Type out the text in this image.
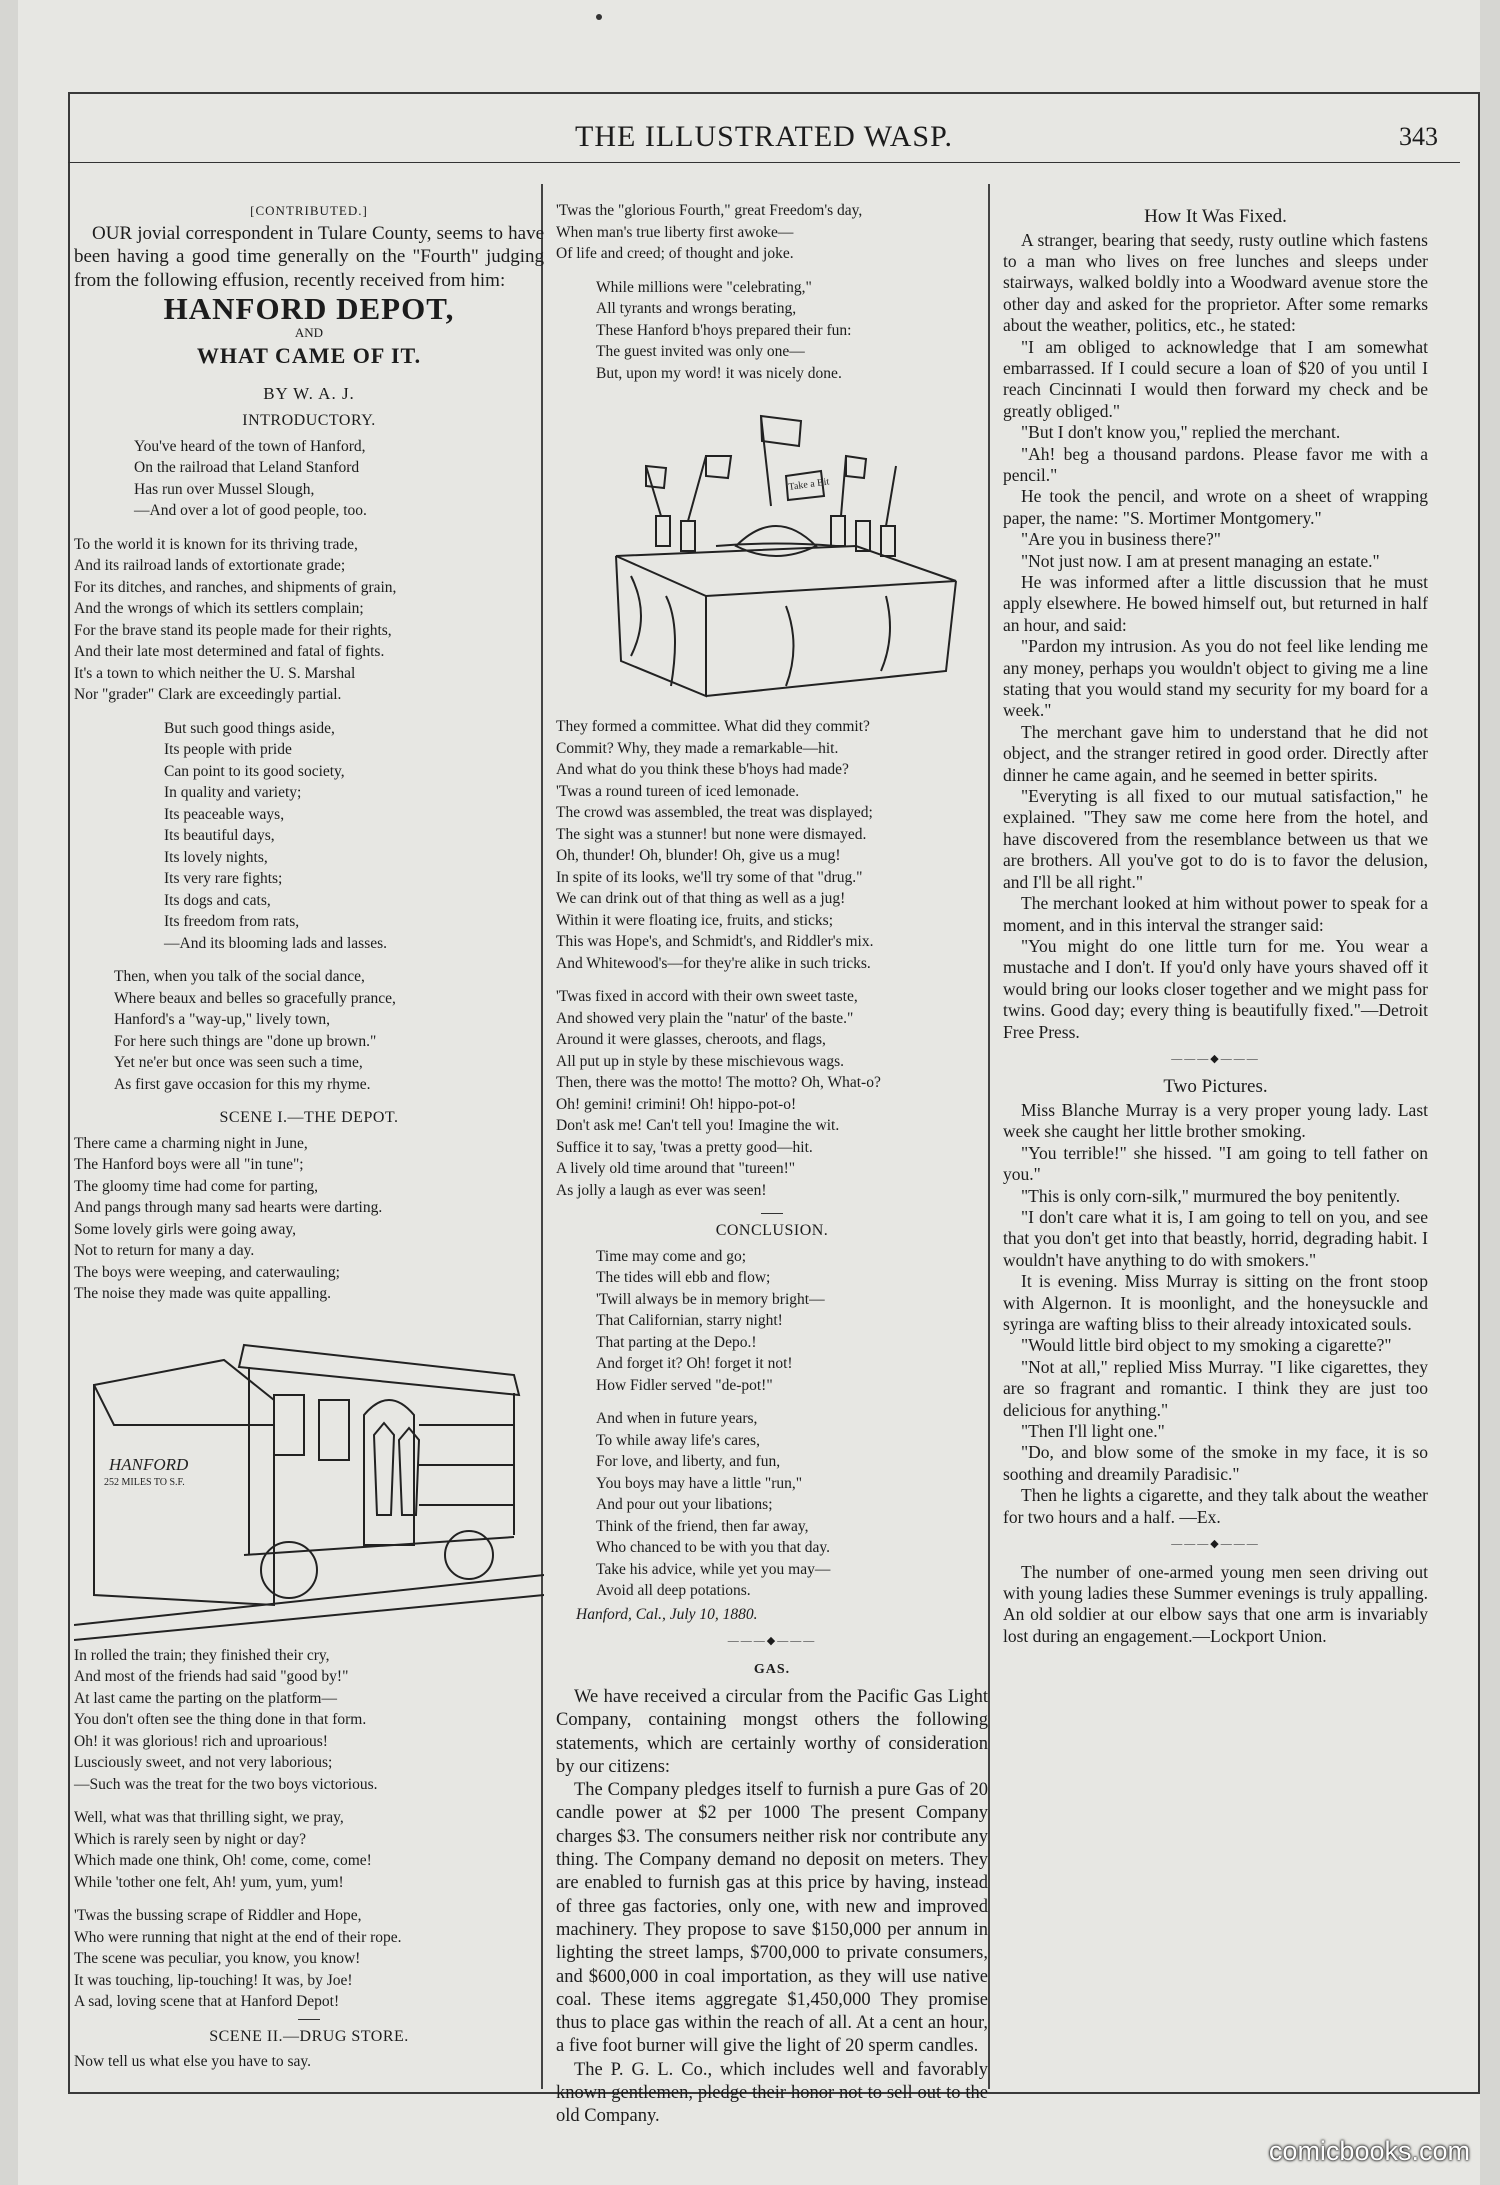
THE ILLUSTRATED WASP.	343
[CONTRIBUTED.]

OUR jovial correspondent in Tulare County, seems to have been having a good time generally on the "Fourth" judging from the following effusion, recently received from him:

HANFORD DEPOT,
AND
WHAT CAME OF IT.
BY W. A. J.
INTRODUCTORY.
You've heard of the town of Hanford,
On the railroad that Leland Stanford
Has run over Mussel Slough,
—And over a lot of good people, too.
To the world it is known for its thriving trade,
And its railroad lands of extortionate grade;
For its ditches, and ranches, and shipments of grain,
And the wrongs of which its settlers complain;
For the brave stand its people made for their rights,
And their late most determined and fatal of fights.
It's a town to which neither the U. S. Marshal
Nor "grader" Clark are exceedingly partial.
But such good things aside,
Its people with pride
Can point to its good society,
In quality and variety;
Its peaceable ways,
Its beautiful days,
Its lovely nights,
Its very rare fights;
Its dogs and cats,
Its freedom from rats,
—And its blooming lads and lasses.
Then, when you talk of the social dance,
Where beaux and belles so gracefully prance,
Hanford's a "way-up," lively town,
For here such things are "done up brown."
Yet ne'er but once was seen such a time,
As first gave occasion for this my rhyme.
SCENE I.—THE DEPOT.
There came a charming night in June,
The Hanford boys were all "in tune";
The gloomy time had come for parting,
And pangs through many sad hearts were darting.
Some lovely girls were going away,
Not to return for many a day.
The boys were weeping, and caterwauling;
The noise they made was quite appalling.
HANFORD
252 MILES TO S.F.
In rolled the train; they finished their cry,
And most of the friends had said "good by!"
At last came the parting on the platform—
You don't often see the thing done in that form.
Oh! it was glorious! rich and uproarious!
Lusciously sweet, and not very laborious;
—Such was the treat for the two boys victorious.
Well, what was that thrilling sight, we pray,
Which is rarely seen by night or day?
Which made one think, Oh! come, come, come!
While 'tother one felt, Ah! yum, yum, yum!
'Twas the bussing scrape of Riddler and Hope,
Who were running that night at the end of their rope.
The scene was peculiar, you know, you know!
It was touching, lip-touching! It was, by Joe!
A sad, loving scene that at Hanford Depot!
SCENE II.—DRUG STORE.
Now tell us what else you have to say.
'Twas the "glorious Fourth," great Freedom's day,
When man's true liberty first awoke—
Of life and creed; of thought and joke.
While millions were "celebrating,"
All tyrants and wrongs berating,
These Hanford b'hoys prepared their fun:
The guest invited was only one—
But, upon my word! it was nicely done.
Take a Bit
They formed a committee. What did they commit?
Commit? Why, they made a remarkable—hit.
And what do you think these b'hoys had made?
'Twas a round tureen of iced lemonade.
The crowd was assembled, the treat was displayed;
The sight was a stunner! but none were dismayed.
Oh, thunder! Oh, blunder! Oh, give us a mug!
In spite of its looks, we'll try some of that "drug."
We can drink out of that thing as well as a jug!
Within it were floating ice, fruits, and sticks;
This was Hope's, and Schmidt's, and Riddler's mix.
And Whitewood's—for they're alike in such tricks.
'Twas fixed in accord with their own sweet taste,
And showed very plain the "natur' of the baste."
Around it were glasses, cheroots, and flags,
All put up in style by these mischievous wags.
Then, there was the motto! The motto? Oh, What-o?
Oh! gemini! crimini! Oh! hippo-pot-o!
Don't ask me! Can't tell you! Imagine the wit.
Suffice it to say, 'twas a pretty good—hit.
A lively old time around that "tureen!"
As jolly a laugh as ever was seen!
CONCLUSION.
Time may come and go;
The tides will ebb and flow;
'Twill always be in memory bright—
That Californian, starry night!
That parting at the Depo.!
And forget it? Oh! forget it not!
How Fidler served "de-pot!"
And when in future years,
To while away life's cares,
For love, and liberty, and fun,
You boys may have a little "run,"
And pour out your libations;
Think of the friend, then far away,
Who chanced to be with you that day.
Take his advice, while yet you may—
Avoid all deep potations.
Hanford, Cal., July 10, 1880.
———◆———
GAS.

We have received a circular from the Pacific Gas Light Company, containing mongst others the following statements, which are certainly worthy of consideration by our citizens:

The Company pledges itself to furnish a pure Gas of 20 candle power at $2 per 1000 The present Company charges $3. The consumers neither risk nor contribute any thing. The Company demand no deposit on meters. They are enabled to furnish gas at this price by having, instead of three gas factories, only one, with new and improved machinery. They propose to save $150,000 per annum in lighting the street lamps, $700,000 to private consumers, and $600,000 in coal importation, as they will use native coal. These items aggregate $1,450,000 They promise thus to place gas within the reach of all. At a cent an hour, a five foot burner will give the light of 20 sperm candles.

The P. G. L. Co., which includes well and favorably known gentlemen, pledge their honor not to sell out to the old Company.

How It Was Fixed.

A stranger, bearing that seedy, rusty outline which fastens to a man who lives on free lunches and sleeps under stairways, walked boldly into a Woodward avenue store the other day and asked for the proprietor. After some remarks about the weather, politics, etc., he stated:

"I am obliged to acknowledge that I am somewhat embarrassed. If I could secure a loan of $20 of you until I reach Cincinnati I would then forward my check and be greatly obliged."

"But I don't know you," replied the merchant.

"Ah! beg a thousand pardons. Please favor me with a pencil."

He took the pencil, and wrote on a sheet of wrapping paper, the name: "S. Mortimer Montgomery."

"Are you in business there?"

"Not just now. I am at present managing an estate."

He was informed after a little discussion that he must apply elsewhere. He bowed himself out, but returned in half an hour, and said:

"Pardon my intrusion. As you do not feel like lending me any money, perhaps you wouldn't object to giving me a line stating that you would stand my security for my board for a week."

The merchant gave him to understand that he did not object, and the stranger retired in good order. Directly after dinner he came again, and he seemed in better spirits.

"Everyting is all fixed to our mutual satisfaction," he explained. "They saw me come here from the hotel, and have discovered from the resemblance between us that we are brothers. All you've got to do is to favor the delusion, and I'll be all right."

The merchant looked at him without power to speak for a moment, and in this interval the stranger said:

"You might do one little turn for me. You wear a mustache and I don't. If you'd only have yours shaved off it would bring our looks closer together and we might pass for twins. Good day; every thing is beautifully fixed."—Detroit Free Press.

———◆———
Two Pictures.

Miss Blanche Murray is a very proper young lady. Last week she caught her little brother smoking.

"You terrible!" she hissed. "I am going to tell father on you."

"This is only corn-silk," murmured the boy penitently.

"I don't care what it is, I am going to tell on you, and see that you don't get into that beastly, horrid, degrading habit. I wouldn't have anything to do with smokers."

It is evening. Miss Murray is sitting on the front stoop with Algernon. It is moonlight, and the honeysuckle and syringa are wafting bliss to their already intoxicated souls.

"Would little bird object to my smoking a cigarette?"

"Not at all," replied Miss Murray. "I like cigarettes, they are so fragrant and romantic. I think they are just too delicious for anything."

"Then I'll light one."

"Do, and blow some of the smoke in my face, it is so soothing and dreamily Paradisic."

Then he lights a cigarette, and they talk about the weather for two hours and a half. —Ex.

———◆———

The number of one-armed young men seen driving out with young ladies these Summer evenings is truly appalling. An old soldier at our elbow says that one arm is invariably lost during an engagement.—Lockport Union.

comicbooks.com
